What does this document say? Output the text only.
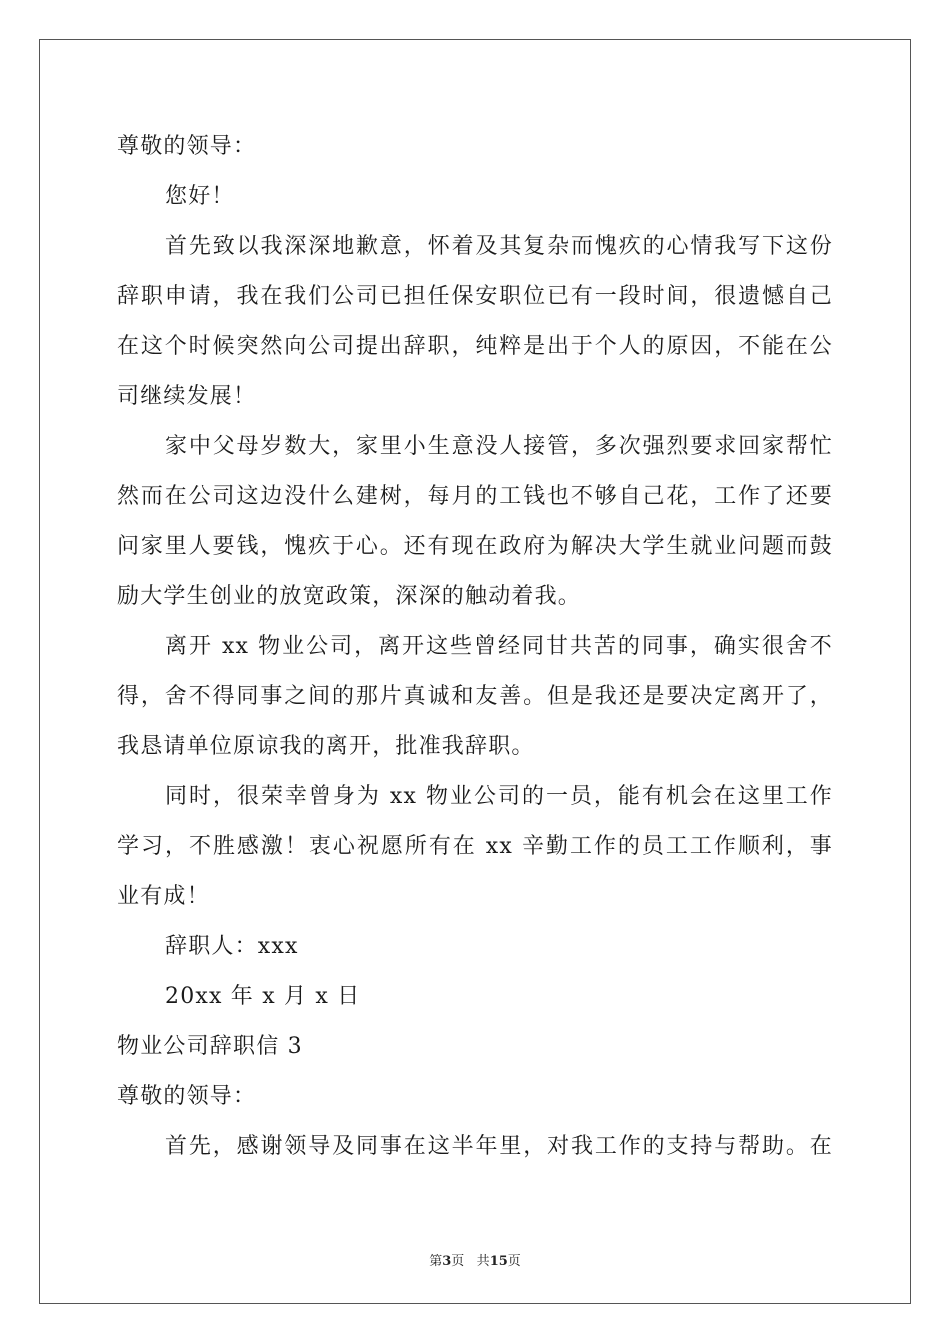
尊敬的领导：
您好！
首先致以我深深地歉意，怀着及其复杂而愧疚的心情我写下这份
辞职申请，我在我们公司已担任保安职位已有一段时间，很遗憾自己
在这个时候突然向公司提出辞职，纯粹是出于个人的原因，不能在公
司继续发展！
家中父母岁数大，家里小生意没人接管，多次强烈要求回家帮忙
然而在公司这边没什么建树，每月的工钱也不够自己花，工作了还要
问家里人要钱，愧疚于心。还有现在政府为解决大学生就业问题而鼓
励大学生创业的放宽政策，深深的触动着我。
离开 xx 物业公司，离开这些曾经同甘共苦的同事，确实很舍不
得，舍不得同事之间的那片真诚和友善。但是我还是要决定离开了，
我恳请单位原谅我的离开，批准我辞职。
同时，很荣幸曾身为 xx 物业公司的一员，能有机会在这里工作
学习，不胜感激！衷心祝愿所有在 xx 辛勤工作的员工工作顺利，事
业有成！
辞职人：xxx
20xx 年 x 月 x 日
物业公司辞职信 3
尊敬的领导：
首先，感谢领导及同事在这半年里，对我工作的支持与帮助。在
第3页 共15页
